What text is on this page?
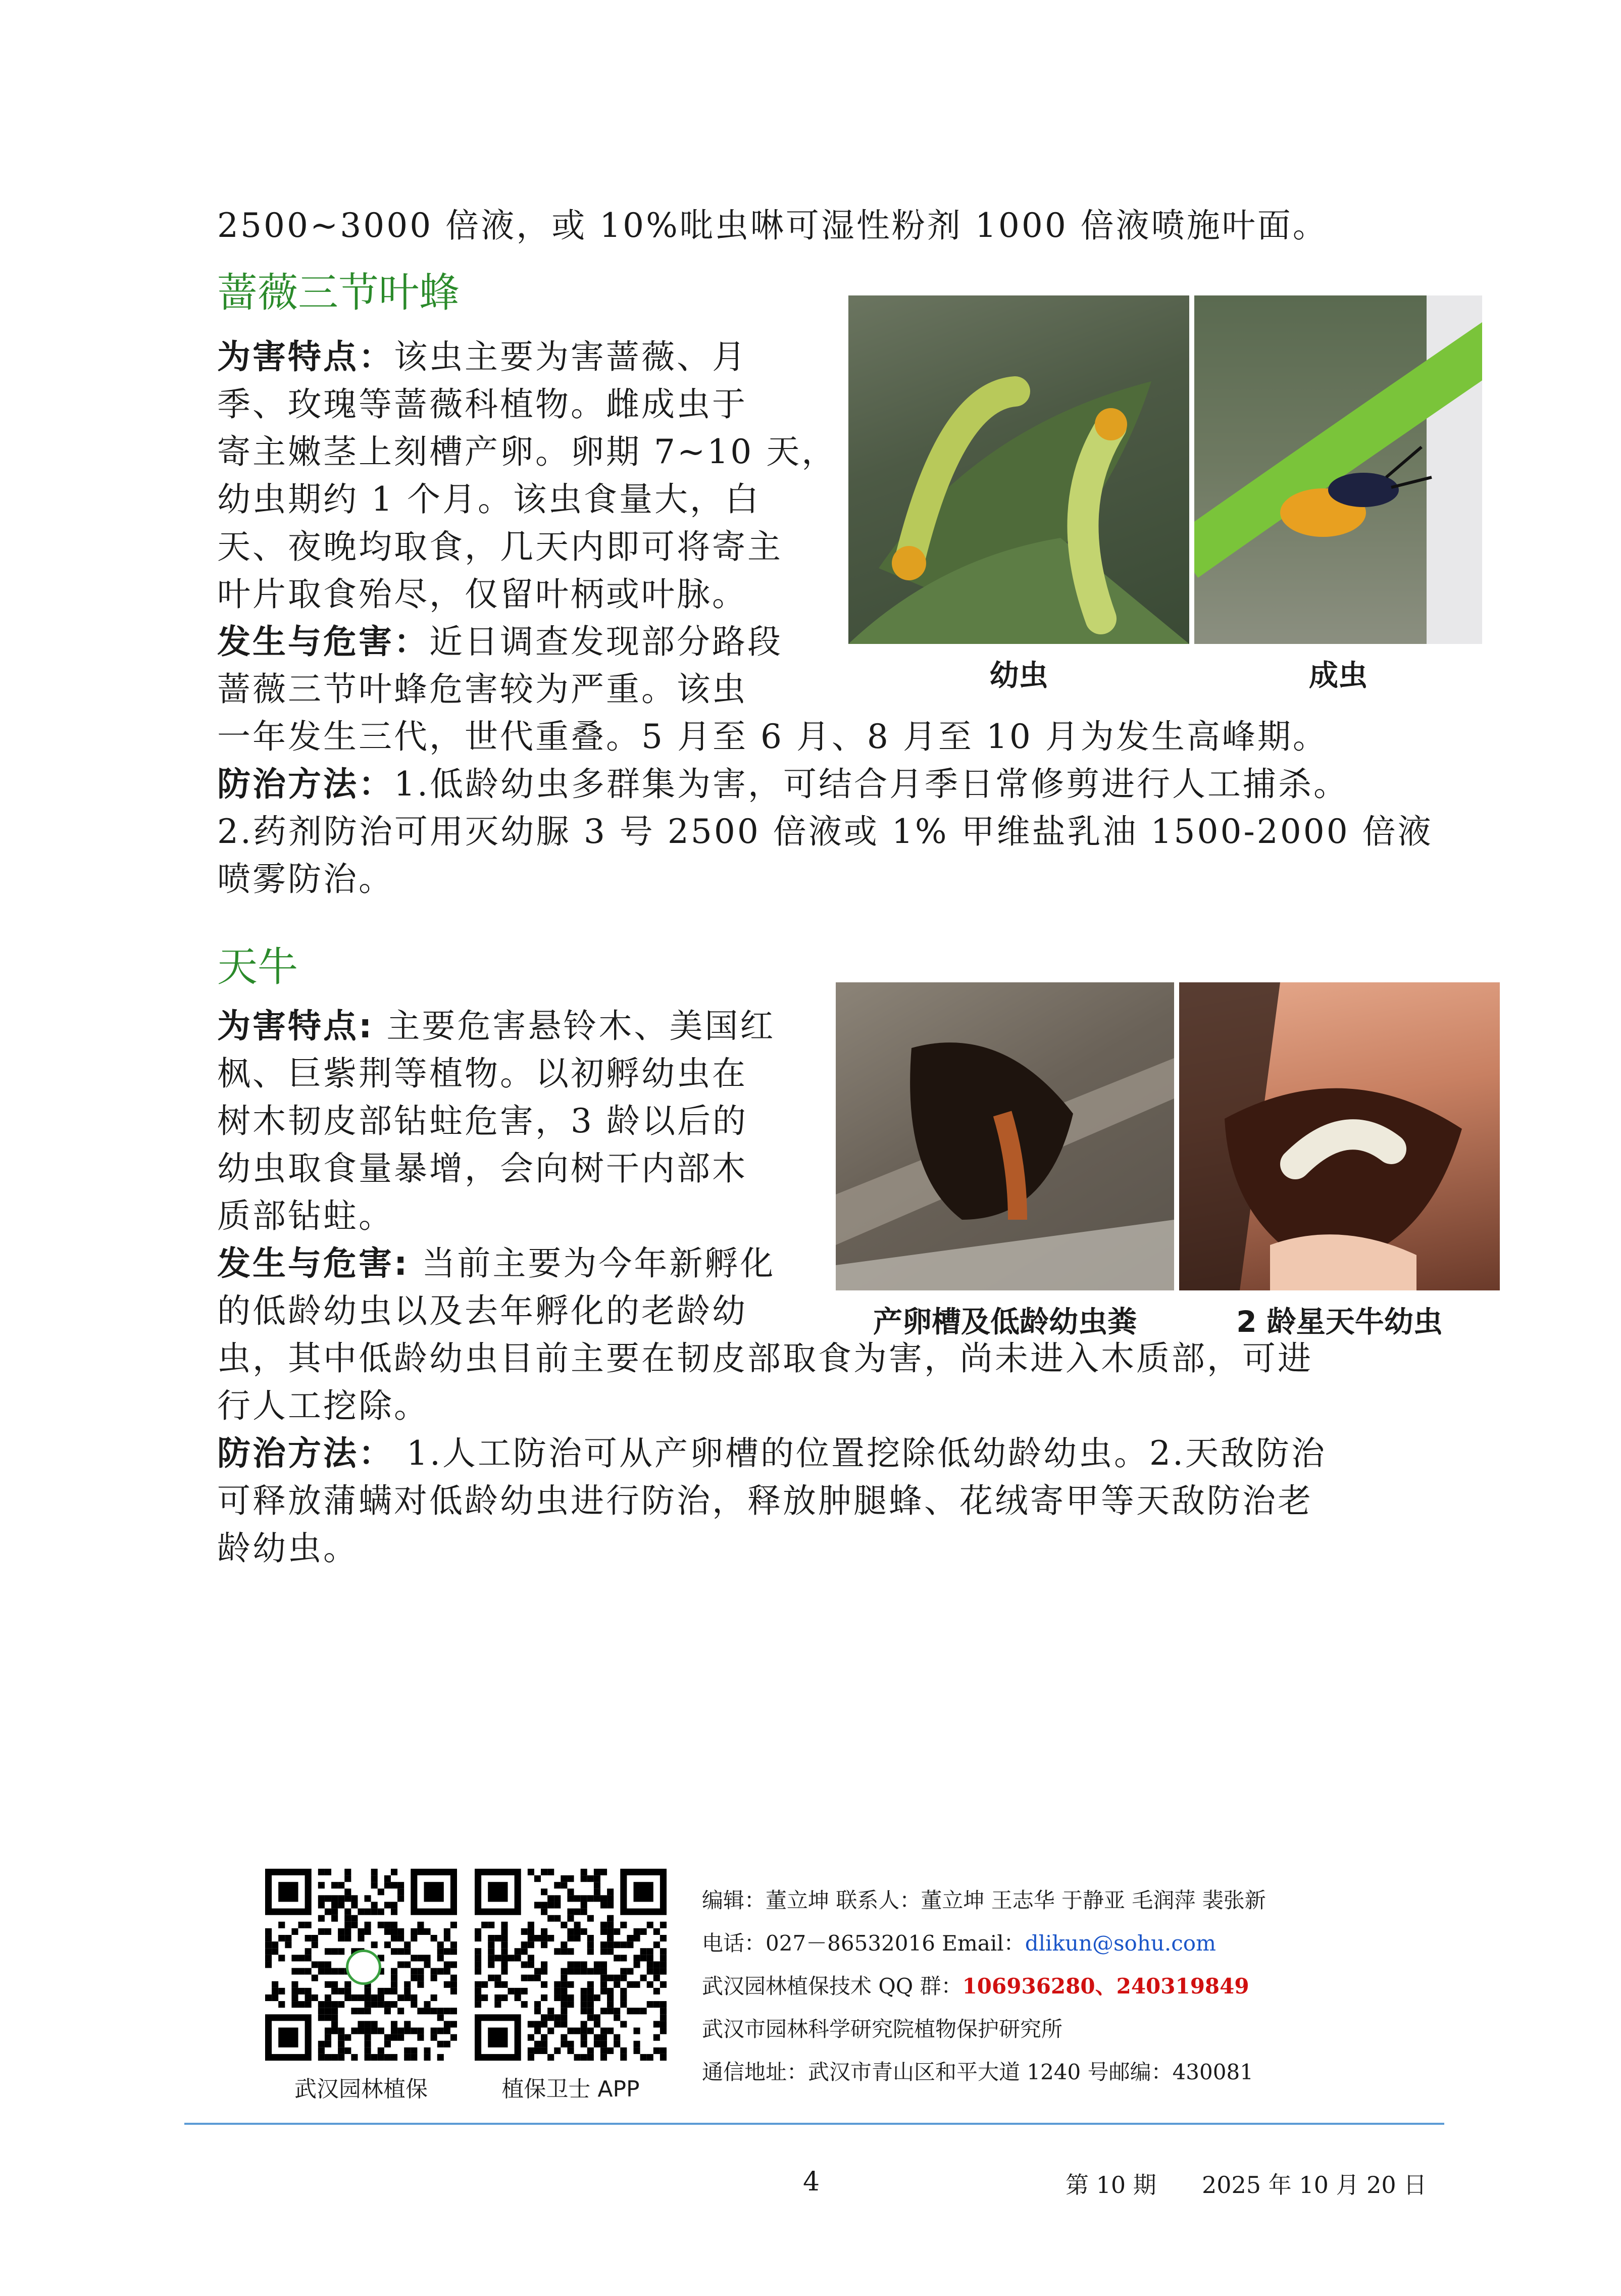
2500~3000 倍液，或 10%吡虫啉可湿性粉剂 1000 倍液喷施叶面。
蔷薇三节叶蜂
为害特点：该虫主要为害蔷薇、月
季、玫瑰等蔷薇科植物。雌成虫于
寄主嫩茎上刻槽产卵。卵期 7~10 天，
幼虫期约 1 个月。该虫食量大，白
天、夜晚均取食，几天内即可将寄主
叶片取食殆尽，仅留叶柄或叶脉。
发生与危害：近日调查发现部分路段
蔷薇三节叶蜂危害较为严重。该虫
一年发生三代，世代重叠。5 月至 6 月、8 月至 10 月为发生高峰期。
防治方法：1.低龄幼虫多群集为害，可结合月季日常修剪进行人工捕杀。
2.药剂防治可用灭幼脲 3 号 2500 倍液或 1% 甲维盐乳油 1500-2000 倍液
喷雾防治。
幼虫	成虫
天牛
为害特点: 主要危害悬铃木、美国红
枫、巨紫荆等植物。以初孵幼虫在
树木韧皮部钻蛀危害，3 龄以后的
幼虫取食量暴增，会向树干内部木
质部钻蛀。
发生与危害: 当前主要为今年新孵化
的低龄幼虫以及去年孵化的老龄幼
虫，其中低龄幼虫目前主要在韧皮部取食为害，尚未进入木质部，可进
行人工挖除。
防治方法： 1.人工防治可从产卵槽的位置挖除低幼龄幼虫。2.天敌防治
可释放蒲螨对低龄幼虫进行防治，释放肿腿蜂、花绒寄甲等天敌防治老
龄幼虫。
产卵槽及低龄幼虫粪	2 龄星天牛幼虫
武汉园林植保	植保卫士 APP
编辑：董立坤 联系人：董立坤 王志华 于静亚 毛润萍 裴张新
电话：027－86532016 Email：dlikun@sohu.com
武汉园林植保技术 QQ 群：106936280、240319849
武汉市园林科学研究院植物保护研究所
通信地址：武汉市青山区和平大道 1240 号邮编：430081
4	第 10 期 2025 年 10 月 20 日
